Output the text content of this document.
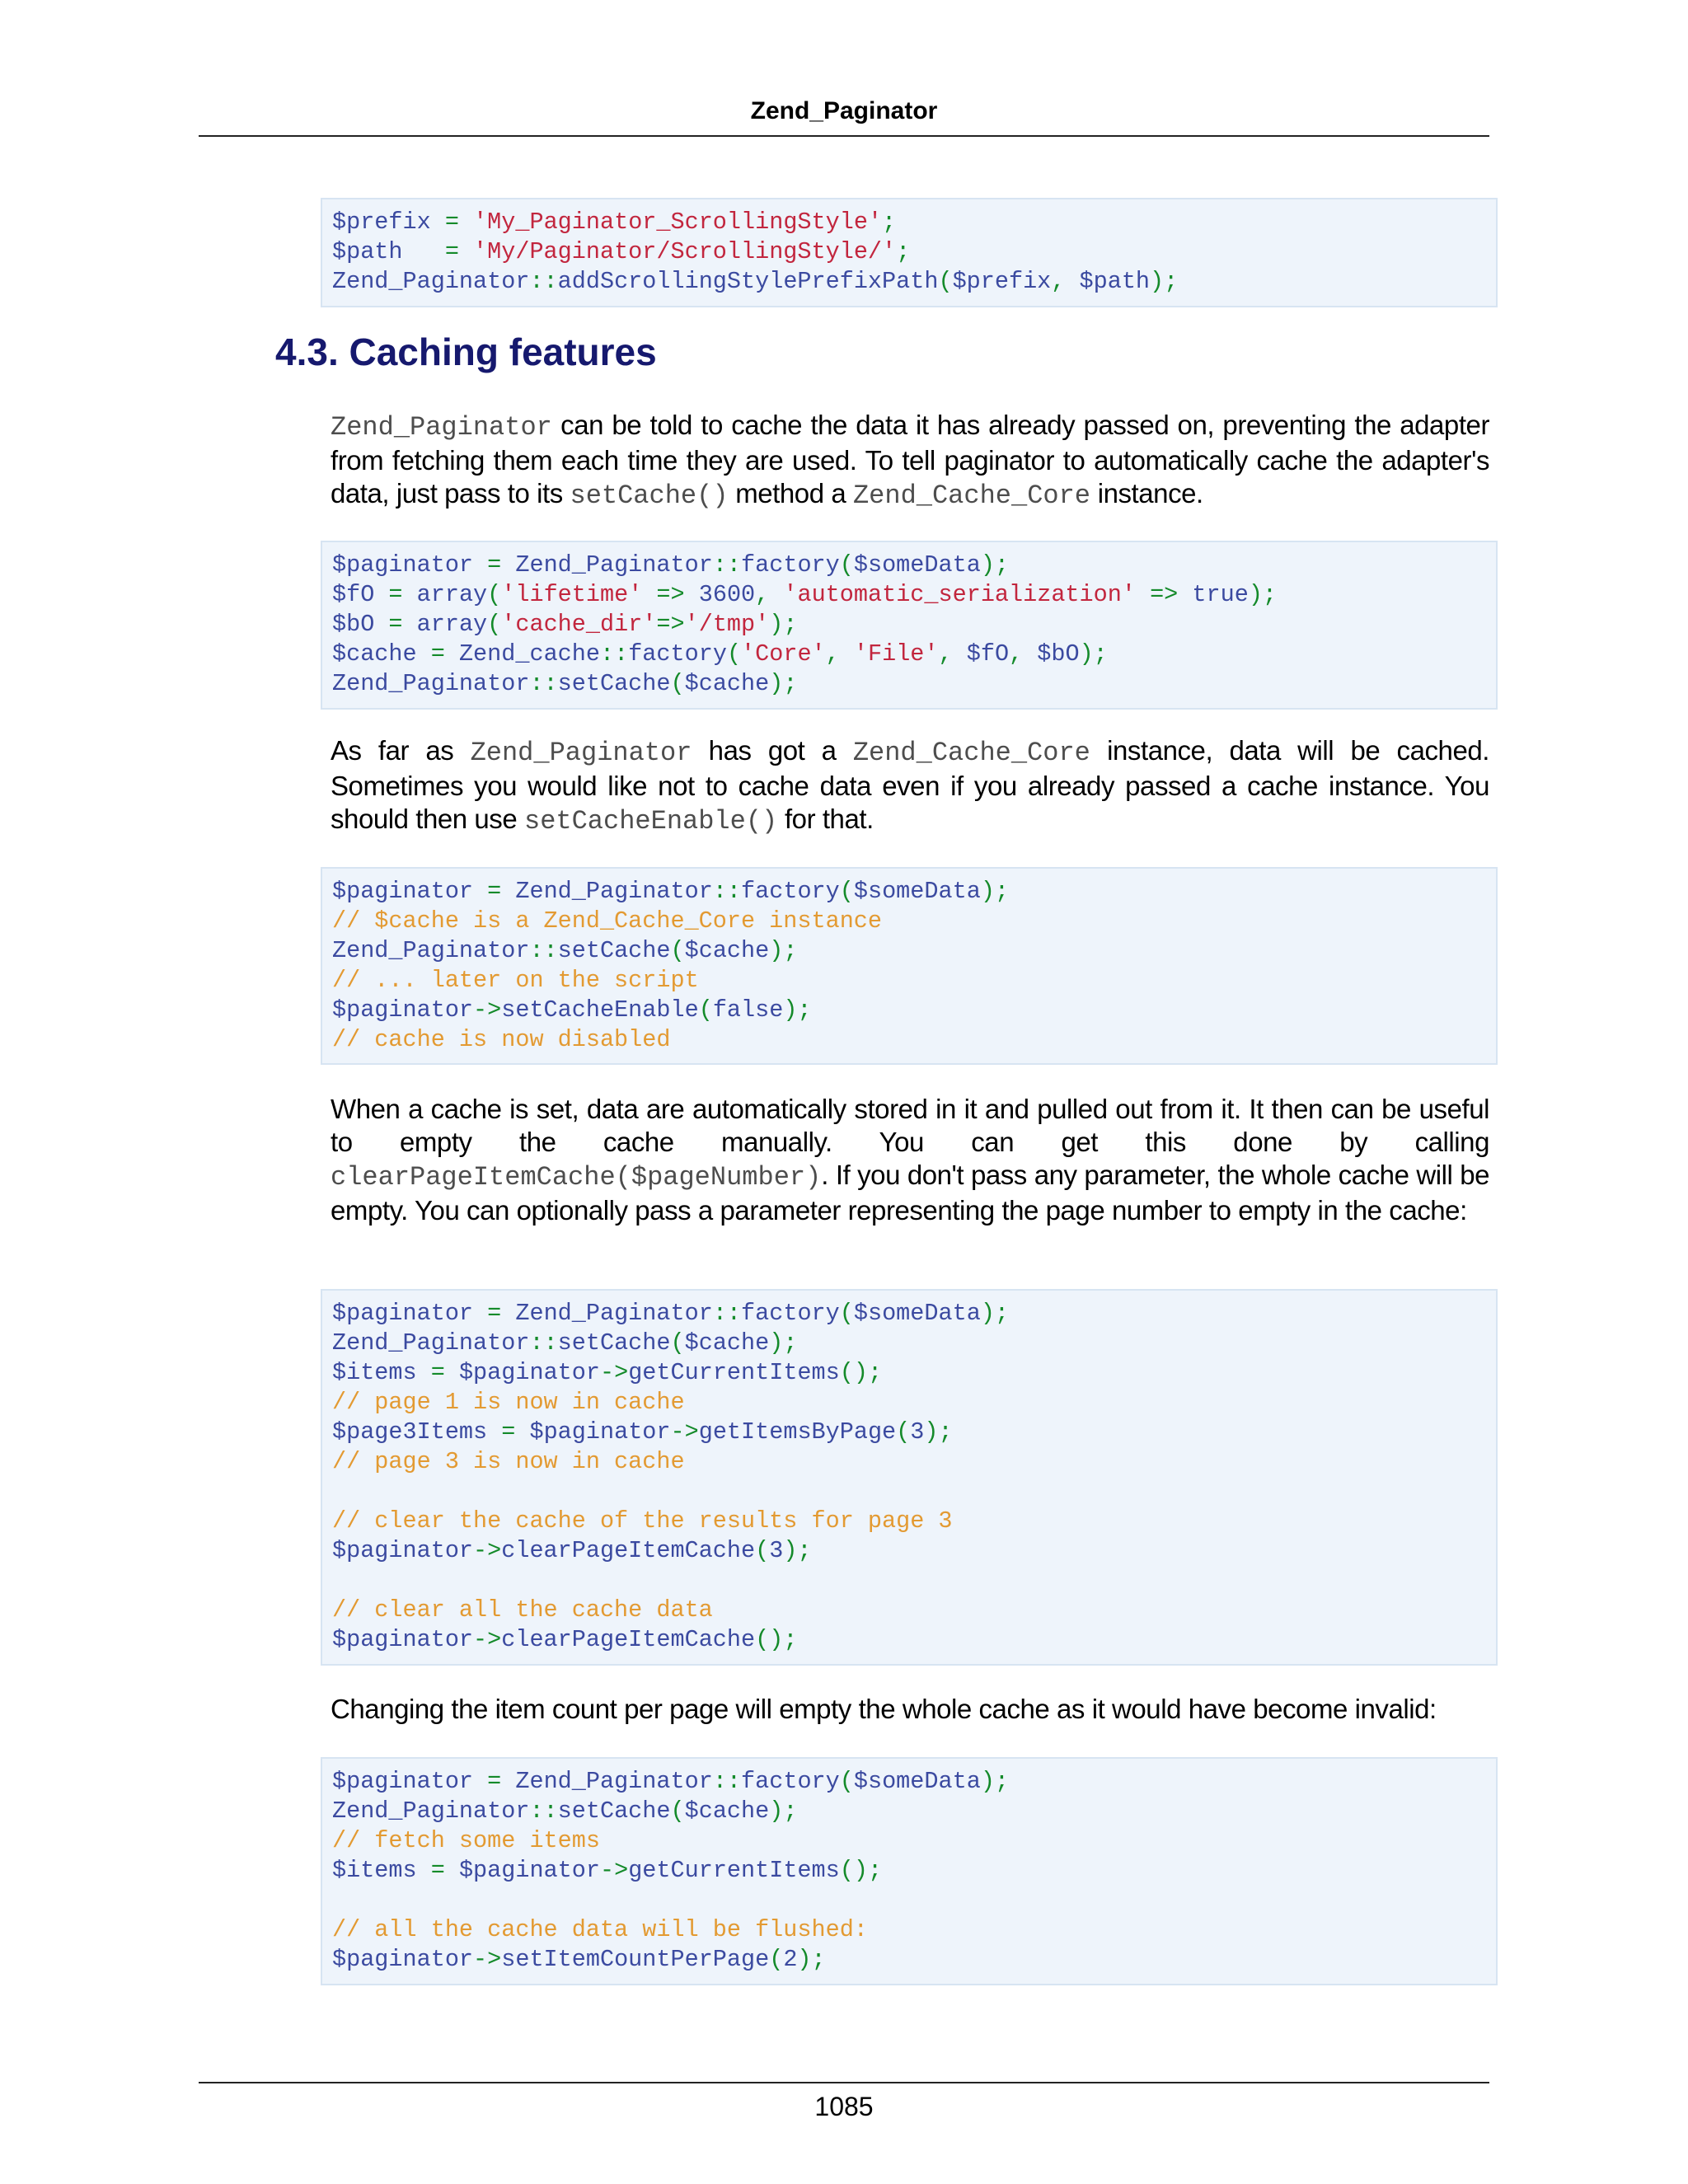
Zend_Paginator
$prefix = 'My_Paginator_ScrollingStyle';
$path = 'My/Paginator/ScrollingStyle/';
Zend_Paginator::addScrollingStylePrefixPath($prefix, $path);
4.3. Caching features

Zend_Paginator can be told to cache the data it has already passed on, preventing the adapter from fetching them each time they are used. To tell paginator to automatically cache the adapter's data, just pass to its setCache() method a Zend_Cache_Core instance.

$paginator = Zend_Paginator::factory($someData);
$fO = array('lifetime' => 3600, 'automatic_serialization' => true);
$bO = array('cache_dir'=>'/tmp');
$cache = Zend_cache::factory('Core', 'File', $fO, $bO);
Zend_Paginator::setCache($cache);

As far as Zend_Paginator has got a Zend_Cache_Core instance, data will be cached. Sometimes you would like not to cache data even if you already passed a cache instance. You should then use setCacheEnable() for that.

$paginator = Zend_Paginator::factory($someData);
// $cache is a Zend_Cache_Core instance
Zend_Paginator::setCache($cache);
// ... later on the script
$paginator->setCacheEnable(false);
// cache is now disabled

When a cache is set, data are automatically stored in it and pulled out from it. It then can be useful to empty the cache manually. You can get this done by calling clearPageItemCache($pageNumber). If you don't pass any parameter, the whole cache will be empty. You can optionally pass a parameter representing the page number to empty in the cache:

$paginator = Zend_Paginator::factory($someData);
Zend_Paginator::setCache($cache);
$items = $paginator->getCurrentItems();
// page 1 is now in cache
$page3Items = $paginator->getItemsByPage(3);
// page 3 is now in cache
// clear the cache of the results for page 3
$paginator->clearPageItemCache(3);
// clear all the cache data
$paginator->clearPageItemCache();

Changing the item count per page will empty the whole cache as it would have become invalid:

$paginator = Zend_Paginator::factory($someData);
Zend_Paginator::setCache($cache);
// fetch some items
$items = $paginator->getCurrentItems();
// all the cache data will be flushed:
$paginator->setItemCountPerPage(2);
1085
